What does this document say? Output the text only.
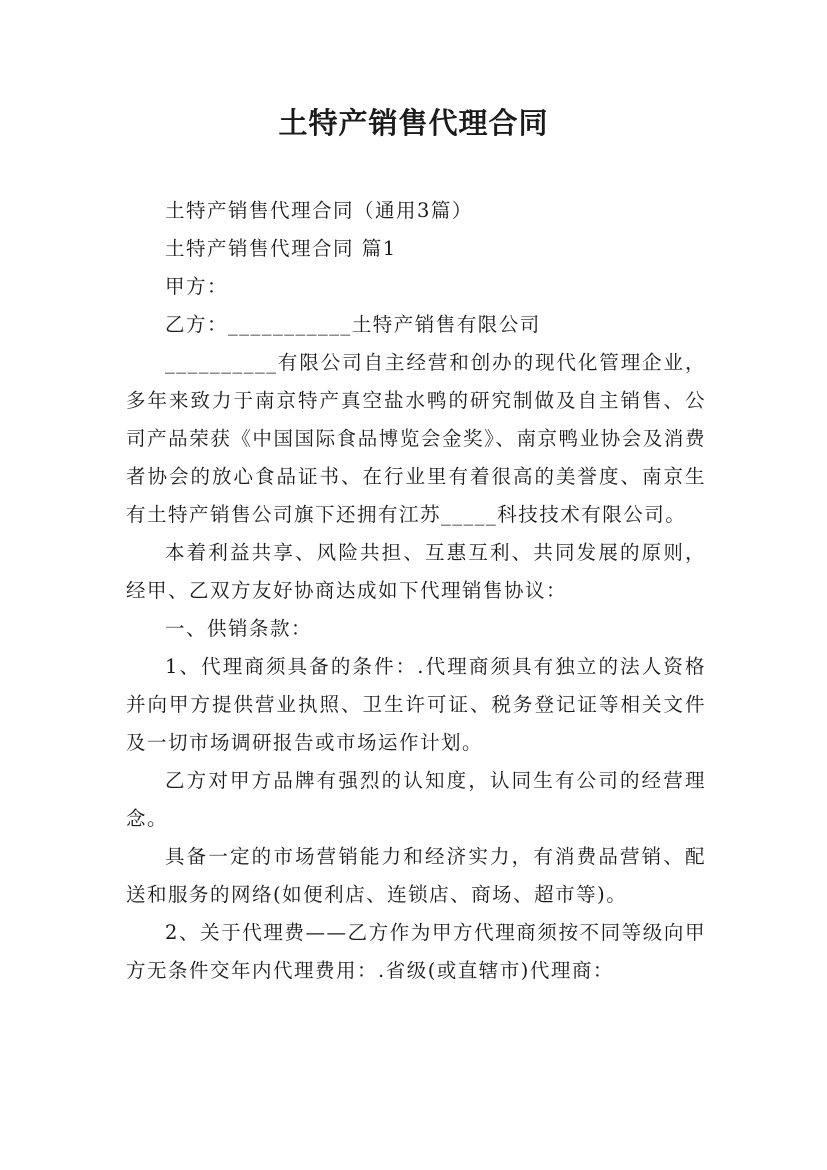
土特产销售代理合同

土特产销售代理合同（通用3篇）

土特产销售代理合同 篇1

甲方：

乙方：___________土特产销售有限公司

__________有限公司自主经营和创办的现代化管理企业，多年来致力于南京特产真空盐水鸭的研究制做及自主销售、公司产品荣获《中国国际食品博览会金奖》、南京鸭业协会及消费者协会的放心食品证书、在行业里有着很高的美誉度、南京生有土特产销售公司旗下还拥有江苏_____科技技术有限公司。

本着利益共享、风险共担、互惠互利、共同发展的原则，经甲、乙双方友好协商达成如下代理销售协议：

一、供销条款：

1、代理商须具备的条件：.代理商须具有独立的法人资格并向甲方提供营业执照、卫生许可证、税务登记证等相关文件及一切市场调研报告或市场运作计划。

乙方对甲方品牌有强烈的认知度，认同生有公司的经营理念。

具备一定的市场营销能力和经济实力，有消费品营销、配送和服务的网络(如便利店、连锁店、商场、超市等)。

2、关于代理费——乙方作为甲方代理商须按不同等级向甲方无条件交年内代理费用：.省级(或直辖市)代理商：
